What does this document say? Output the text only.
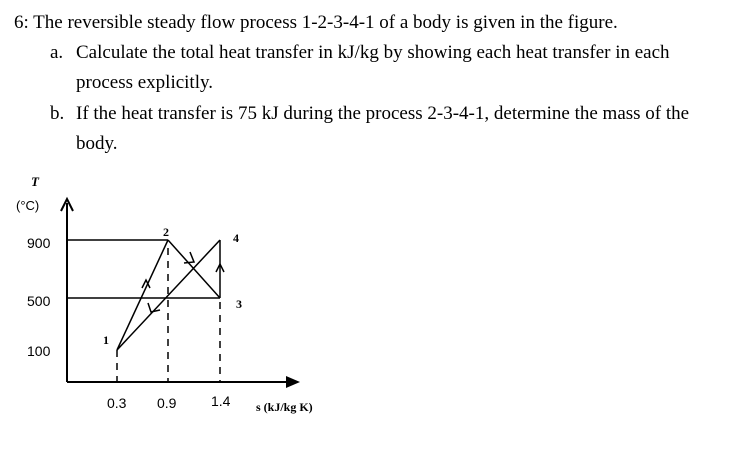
6: The reversible steady flow process 1-2-3-4-1 of a body is given in the figure.
a. Calculate the total heat transfer in kJ/kg by showing each heat transfer in each
process explicitly.
b. If the heat transfer is 75 kJ during the process 2-3-4-1, determine the mass of the
body.
T
(°C)
900
500
100
0.3 0.9 1.4 s (kJ/kg K)
1
2
3
4
